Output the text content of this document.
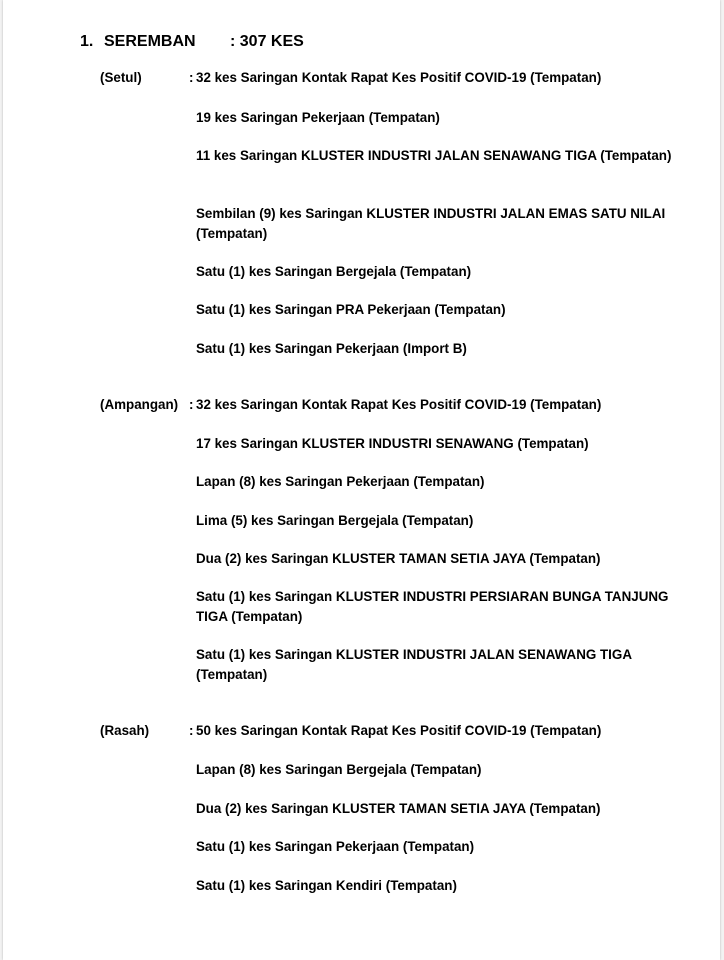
1. SEREMBAN : 307 KES
(Setul)	: 32 kes Saringan Kontak Rapat Kes Positif COVID-19 (Tempatan)
19 kes Saringan Pekerjaan (Tempatan)
11 kes Saringan KLUSTER INDUSTRI JALAN SENAWANG TIGA (Tempatan)
Sembilan (9) kes Saringan KLUSTER INDUSTRI JALAN EMAS SATU NILAI (Tempatan)
Satu (1) kes Saringan Bergejala (Tempatan)
Satu (1) kes Saringan PRA Pekerjaan (Tempatan)
Satu (1) kes Saringan Pekerjaan (Import B)
(Ampangan) : 32 kes Saringan Kontak Rapat Kes Positif COVID-19 (Tempatan)
17 kes Saringan KLUSTER INDUSTRI SENAWANG (Tempatan)
Lapan (8) kes Saringan Pekerjaan (Tempatan)
Lima (5) kes Saringan Bergejala (Tempatan)
Dua (2) kes Saringan KLUSTER TAMAN SETIA JAYA (Tempatan)
Satu (1) kes Saringan KLUSTER INDUSTRI PERSIARAN BUNGA TANJUNG TIGA (Tempatan)
Satu (1) kes Saringan KLUSTER INDUSTRI JALAN SENAWANG TIGA (Tempatan)
(Rasah)	: 50 kes Saringan Kontak Rapat Kes Positif COVID-19 (Tempatan)
Lapan (8) kes Saringan Bergejala (Tempatan)
Dua (2) kes Saringan KLUSTER TAMAN SETIA JAYA (Tempatan)
Satu (1) kes Saringan Pekerjaan (Tempatan)
Satu (1) kes Saringan Kendiri (Tempatan)
